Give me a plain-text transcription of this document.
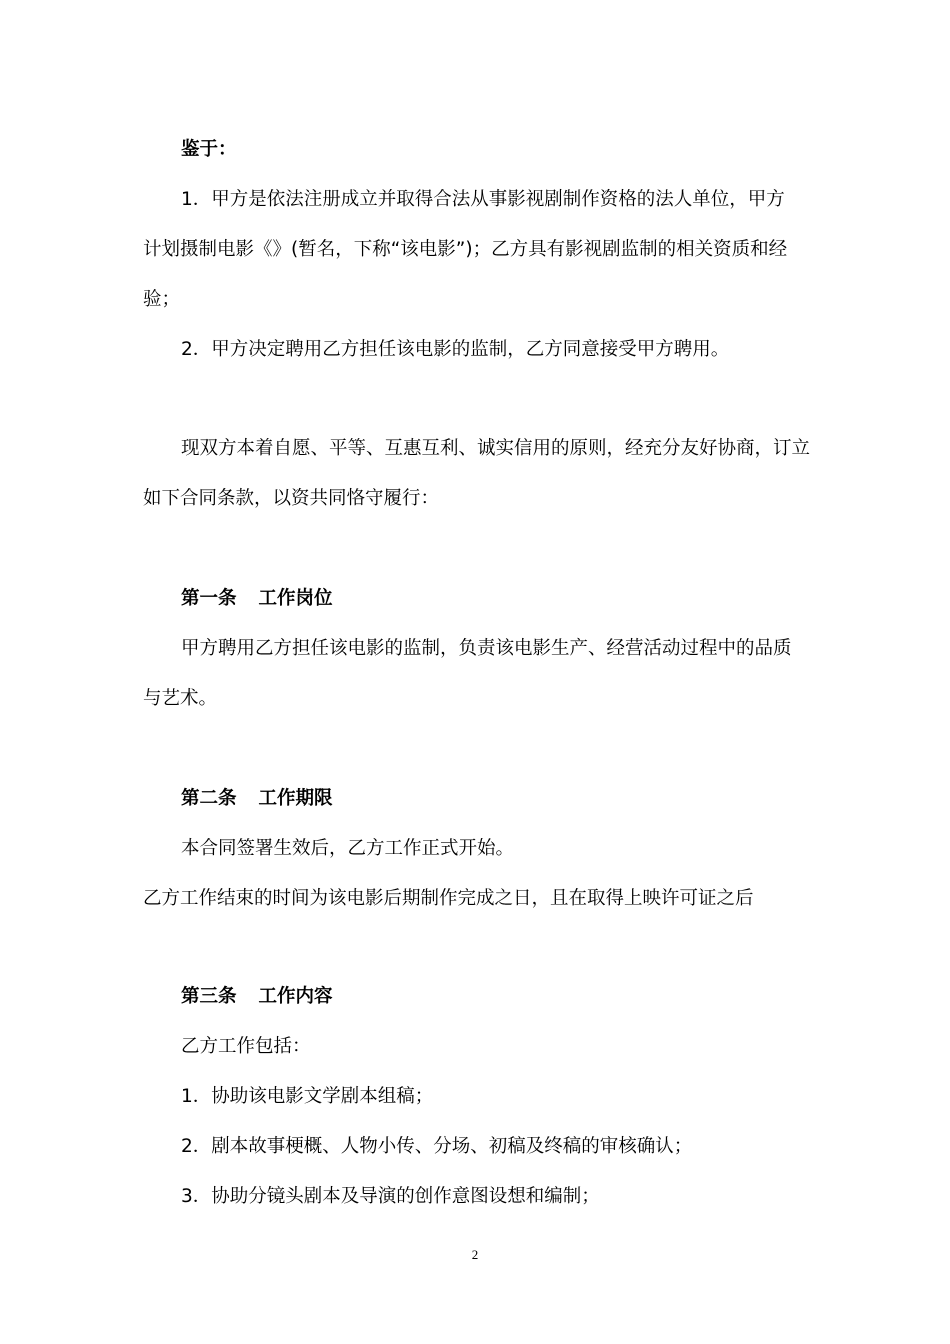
鉴于：
1．甲方是依法注册成立并取得合法从事影视剧制作资格的法人单位，甲方
计划摄制电影《》(暂名，下称“该电影”)；乙方具有影视剧监制的相关资质和经
验；
2．甲方决定聘用乙方担任该电影的监制，乙方同意接受甲方聘用。
现双方本着自愿、平等、互惠互利、诚实信用的原则，经充分友好协商，订立
如下合同条款，以资共同恪守履行：
第一条 工作岗位
甲方聘用乙方担任该电影的监制，负责该电影生产、经营活动过程中的品质
与艺术。
第二条 工作期限
本合同签署生效后，乙方工作正式开始。
乙方工作结束的时间为该电影后期制作完成之日，且在取得上映许可证之后
第三条 工作内容
乙方工作包括：
1．协助该电影文学剧本组稿；
2．剧本故事梗概、人物小传、分场、初稿及终稿的审核确认；
3．协助分镜头剧本及导演的创作意图设想和编制；
2
